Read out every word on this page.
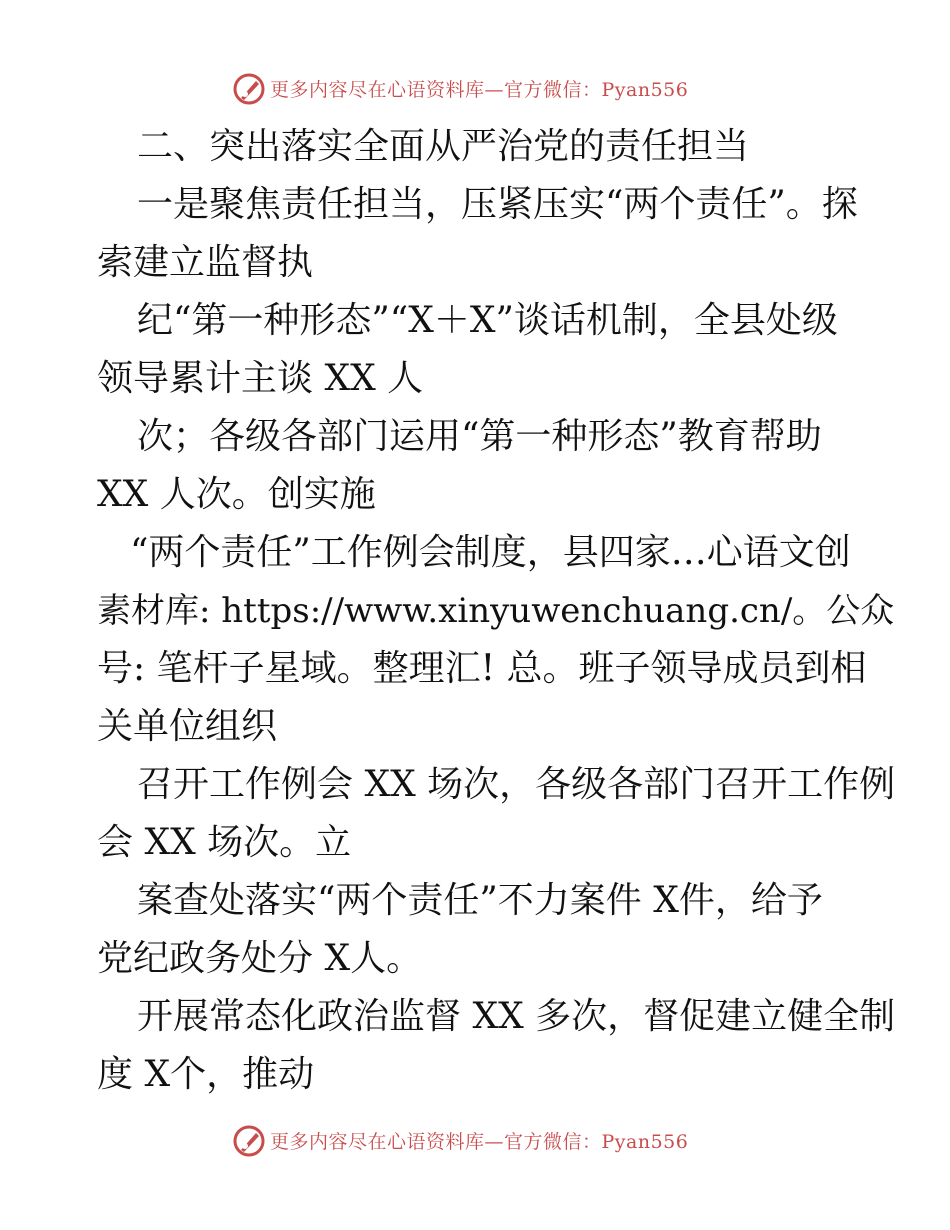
更多内容尽在心语资料库—官方微信：Pyan556
二、突出落实全面从严治党的责任担当
一是聚焦责任担当，压紧压实“两个责任”。探
索建立监督执
纪“第一种形态”“X＋X”谈话机制，全县处级
领导累计主谈 XX 人
次；各级各部门运用“第一种形态”教育帮助
XX 人次。创实施
“两个责任”工作例会制度，县四家…心语文创
素材库: https://www.xinyuwenchuang.cn/。公众
号: 笔杆子星域。整理汇! 总。班子领导成员到相
关单位组织
召开工作例会 XX 场次，各级各部门召开工作例
会 XX 场次。立
案查处落实“两个责任”不力案件 X件，给予
党纪政务处分 X人。
开展常态化政治监督 XX 多次，督促建立健全制
度 X个，推动
更多内容尽在心语资料库—官方微信：Pyan556
